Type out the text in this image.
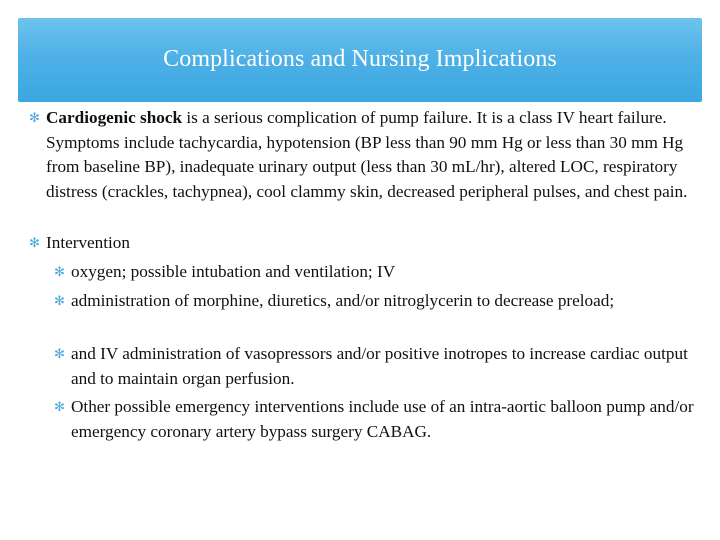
Complications and Nursing Implications
✻ Cardiogenic shock is a serious complication of pump failure. It is a class IV heart failure. Symptoms include tachycardia, hypotension (BP less than 90 mm Hg or less than 30 mm Hg from baseline BP), inadequate urinary output (less than 30 mL/hr), altered LOC, respiratory distress (crackles, tachypnea), cool clammy skin, decreased peripheral pulses, and chest pain.
✻ Intervention
✻ oxygen; possible intubation and ventilation; IV
✻ administration of morphine, diuretics, and/or nitroglycerin to decrease preload;
✻ and IV administration of vasopressors and/or positive inotropes to increase cardiac output and to maintain organ perfusion.
✻ Other possible emergency interventions include use of an intra-aortic balloon pump and/or emergency coronary artery bypass surgery CABAG.
